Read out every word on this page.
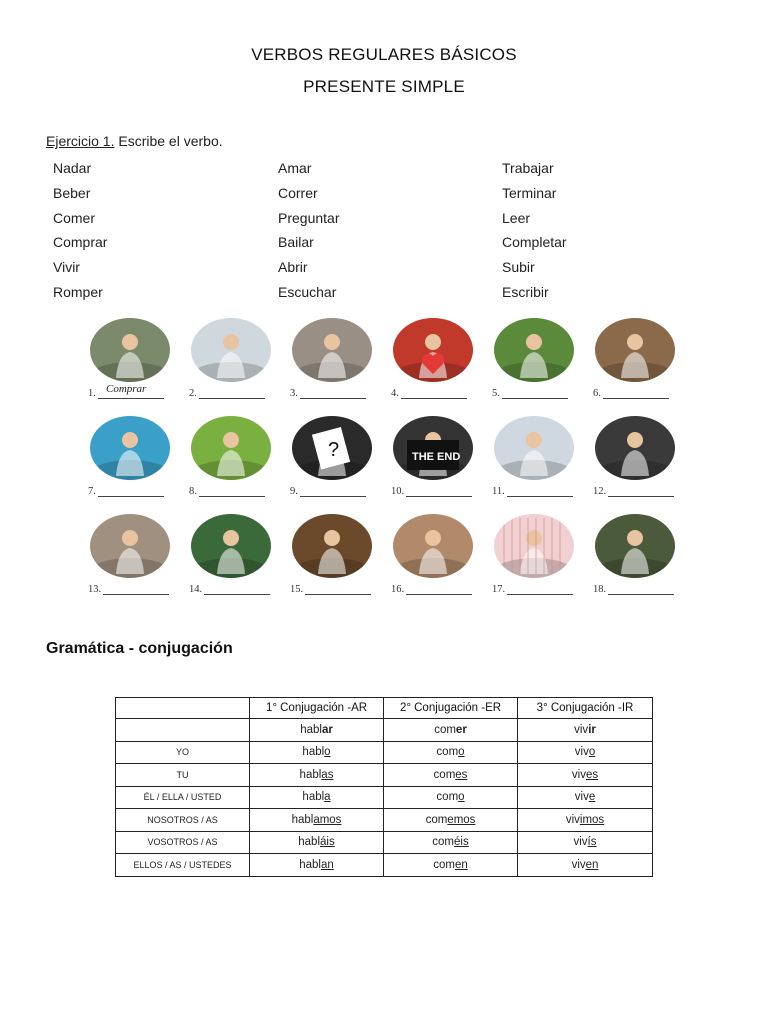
VERBOS REGULARES BÁSICOS
PRESENTE SIMPLE
Ejercicio 1. Escribe el verbo.
Nadar
Beber
Comer
Comprar
Vivir
Romper
Amar
Correr
Preguntar
Bailar
Abrir
Escuchar
Trabajar
Terminar
Leer
Completar
Subir
Escribir
1. Comprar	2.	3.	4.	5.	6.
7.	8.
?
9.
THE END
10.	11.	12.
13.	14.	15.	16.	17.	18.
Gramática - conjugación
	1° Conjugación -AR	2° Conjugación -ER	3° Conjugación -IR
	hablar	comer	vivir
YO	hablo	como	vivo
TU	hablas	comes	vives
ÉL / ELLA / USTED	habla	como	vive
NOSOTROS / AS	hablamos	comemos	vivimos
VOSOTROS / AS	habláis	coméis	vivís
ELLOS / AS / USTEDES	hablan	comen	viven
